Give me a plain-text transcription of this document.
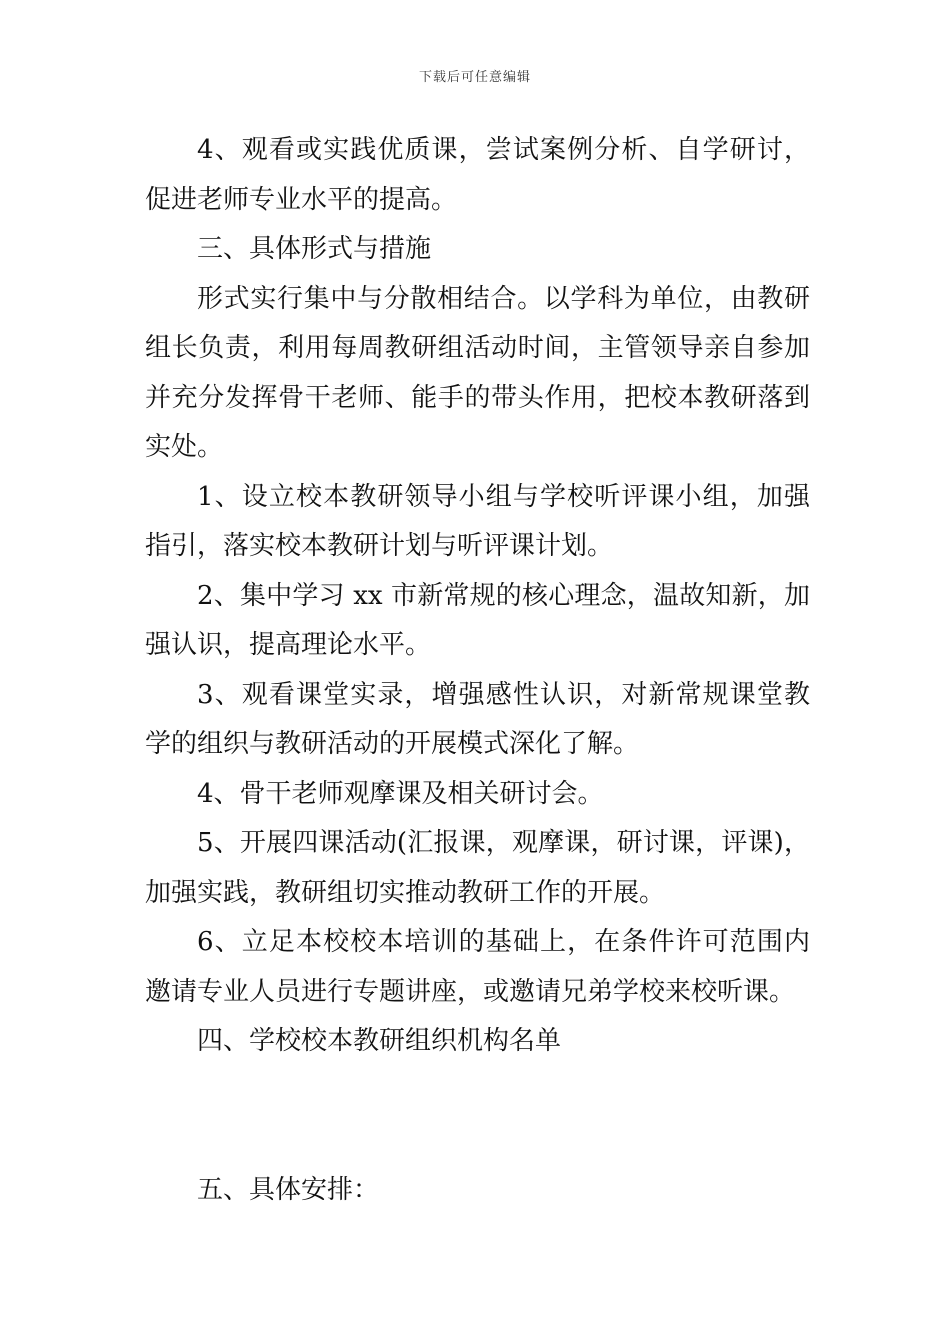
下载后可任意编辑

4、观看或实践优质课，尝试案例分析、自学研讨，促进老师专业水平的提高。

三、具体形式与措施

形式实行集中与分散相结合。以学科为单位，由教研组长负责，利用每周教研组活动时间，主管领导亲自参加并充分发挥骨干老师、能手的带头作用，把校本教研落到实处。

1、设立校本教研领导小组与学校听评课小组，加强指引，落实校本教研计划与听评课计划。

2、集中学习 xx 市新常规的核心理念，温故知新，加强认识，提高理论水平。

3、观看课堂实录，增强感性认识，对新常规课堂教学的组织与教研活动的开展模式深化了解。

4、骨干老师观摩课及相关研讨会。

5、开展四课活动(汇报课，观摩课，研讨课，评课)，加强实践，教研组切实推动教研工作的开展。

6、立足本校校本培训的基础上，在条件许可范围内邀请专业人员进行专题讲座，或邀请兄弟学校来校听课。

四、学校校本教研组织机构名单

五、具体安排：
